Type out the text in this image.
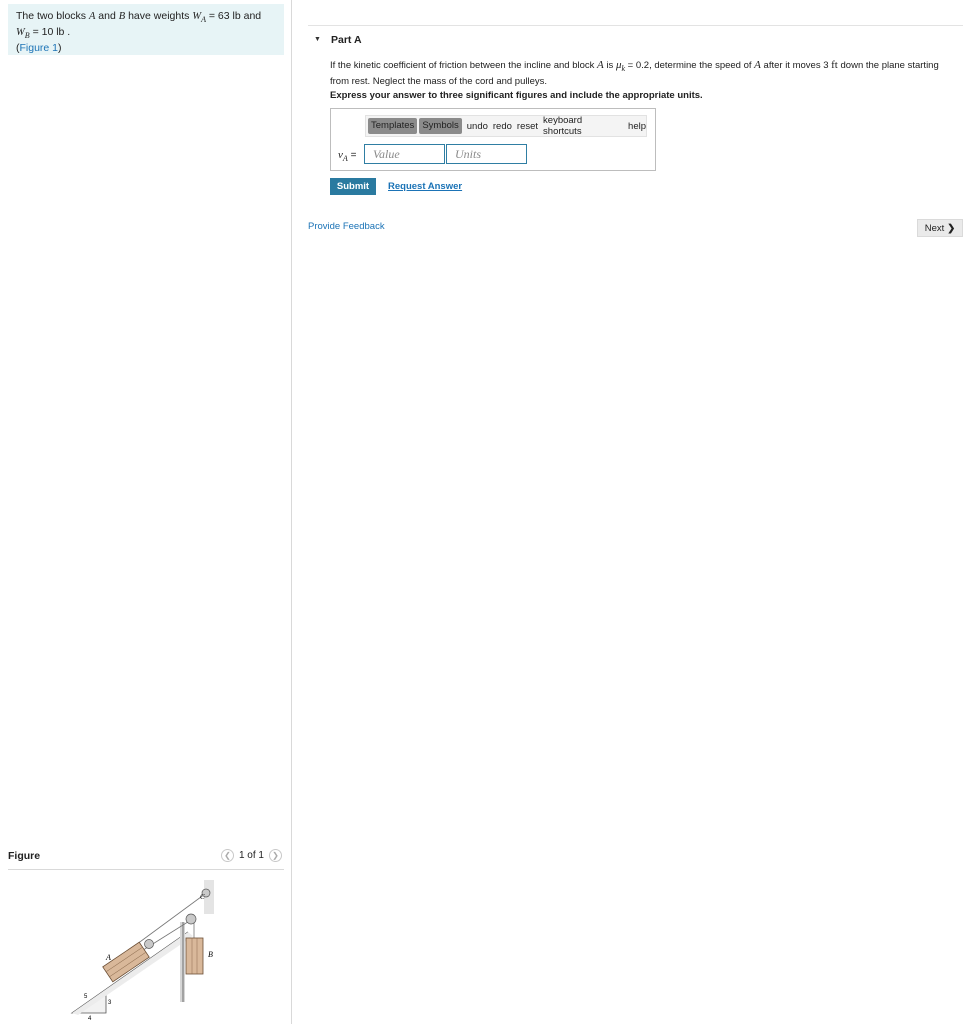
The two blocks A and B have weights $W_A = 63$ lb and
$W_B = 10$ lb .
(Figure 1)
Figure	❮ 1 of 1 ❯
A	B
C
5
3
4
▼ Part A
If the kinetic coefficient of friction between the incline and block A is $\mu_k = 0.2$, determine the speed of A after it moves 3 ft down the plane starting from rest. Neglect the mass of the cord and pulleys.
Express your answer to three significant figures and include the appropriate units.
Templates Symbols undo redo reset keyboard shortcuts	help
$v_A$ =
Value
Units
Submit	Request Answer
Provide Feedback	Next ❯
